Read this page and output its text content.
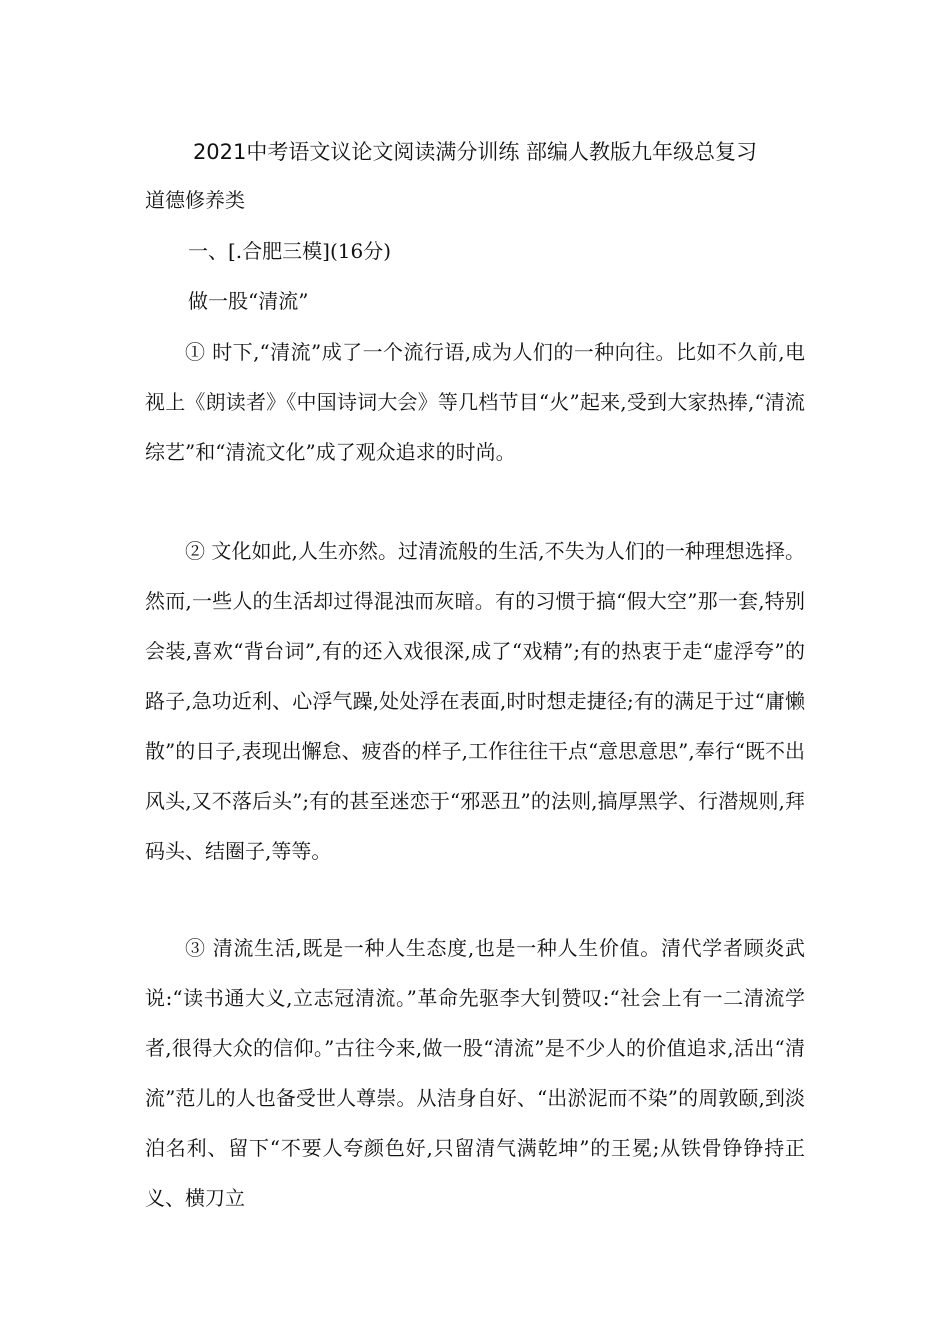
2021中考语文议论文阅读满分训练 部编人教版九年级总复习
道德修养类
一、[.合肥三模](16分)
做一股“清流”
① 时下,“清流”成了一个流行语,成为人们的一种向往。比如不久前,电视上《朗读者》《中国诗词大会》等几档节目“火”起来,受到大家热捧,“清流综艺”和“清流文化”成了观众追求的时尚。
② 文化如此,人生亦然。过清流般的生活,不失为人们的一种理想选择。然而,一些人的生活却过得混浊而灰暗。有的习惯于搞“假大空”那一套,特别会装,喜欢“背台词”,有的还入戏很深,成了“戏精”;有的热衷于走“虚浮夸”的路子,急功近利、心浮气躁,处处浮在表面,时时想走捷径;有的满足于过“庸懒散”的日子,表现出懈怠、疲沓的样子,工作往往干点“意思意思”,奉行“既不出风头,又不落后头”;有的甚至迷恋于“邪恶丑”的法则,搞厚黑学、行潜规则,拜码头、结圈子,等等。
③ 清流生活,既是一种人生态度,也是一种人生价值。清代学者顾炎武说:“读书通大义,立志冠清流。”革命先驱李大钊赞叹:“社会上有一二清流学者,很得大众的信仰。”古往今来,做一股“清流”是不少人的价值追求,活出“清流”范儿的人也备受世人尊崇。从洁身自好、“出淤泥而不染”的周敦颐,到淡泊名利、留下“不要人夸颜色好,只留清气满乾坤”的王冕;从铁骨铮铮持正义、横刀立
